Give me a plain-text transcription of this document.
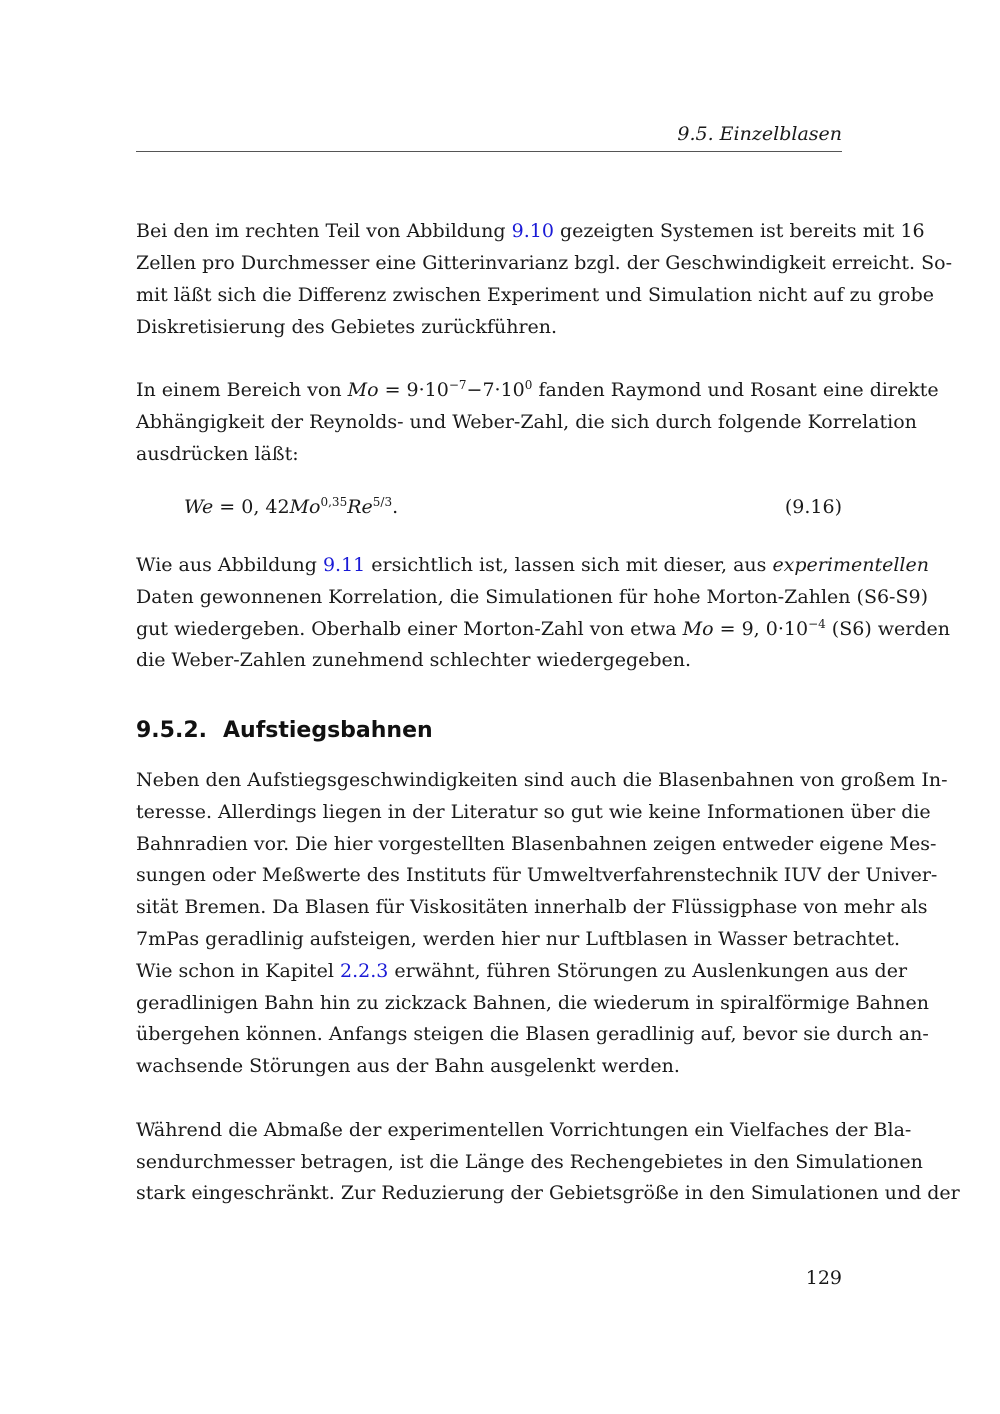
9.5. Einzelblasen
Bei den im rechten Teil von Abbildung 9.10 gezeigten Systemen ist bereits mit 16
Zellen pro Durchmesser eine Gitterinvarianz bzgl. der Geschwindigkeit erreicht. So-
mit läßt sich die Differenz zwischen Experiment und Simulation nicht auf zu grobe
Diskretisierung des Gebietes zurückführen.
In einem Bereich von $Mo = 9\cdot 10^{-7}-7\cdot 10^0$ fanden Raymond und Rosant eine direkte
Abhängigkeit der Reynolds- und Weber-Zahl, die sich durch folgende Korrelation
ausdrücken läßt:
We = 0, $42Mo^{0,35}Re^{5/3}$.	(9.16)
Wie aus Abbildung 9.11 ersichtlich ist, lassen sich mit dieser, aus experimentellen
Daten gewonnenen Korrelation, die Simulationen für hohe Morton-Zahlen (S6-S9)
gut wiedergeben. Oberhalb einer Morton-Zahl von etwa Mo = 9, $0\cdot 10^{-4}$ (S6) werden
die Weber-Zahlen zunehmend schlechter wiedergegeben.
9.5.2. Aufstiegsbahnen
Neben den Aufstiegsgeschwindigkeiten sind auch die Blasenbahnen von großem In-
teresse. Allerdings liegen in der Literatur so gut wie keine Informationen über die
Bahnradien vor. Die hier vorgestellten Blasenbahnen zeigen entweder eigene Mes-
sungen oder Meßwerte des Instituts für Umweltverfahrenstechnik IUV der Univer-
sität Bremen. Da Blasen für Viskositäten innerhalb der Flüssigphase von mehr als
7mPas geradlinig aufsteigen, werden hier nur Luftblasen in Wasser betrachtet.
Wie schon in Kapitel 2.2.3 erwähnt, führen Störungen zu Auslenkungen aus der
geradlinigen Bahn hin zu zickzack Bahnen, die wiederum in spiralförmige Bahnen
übergehen können. Anfangs steigen die Blasen geradlinig auf, bevor sie durch an-
wachsende Störungen aus der Bahn ausgelenkt werden.
Während die Abmaße der experimentellen Vorrichtungen ein Vielfaches der Bla-
sendurchmesser betragen, ist die Länge des Rechengebietes in den Simulationen
stark eingeschränkt. Zur Reduzierung der Gebietsgröße in den Simulationen und der
129
